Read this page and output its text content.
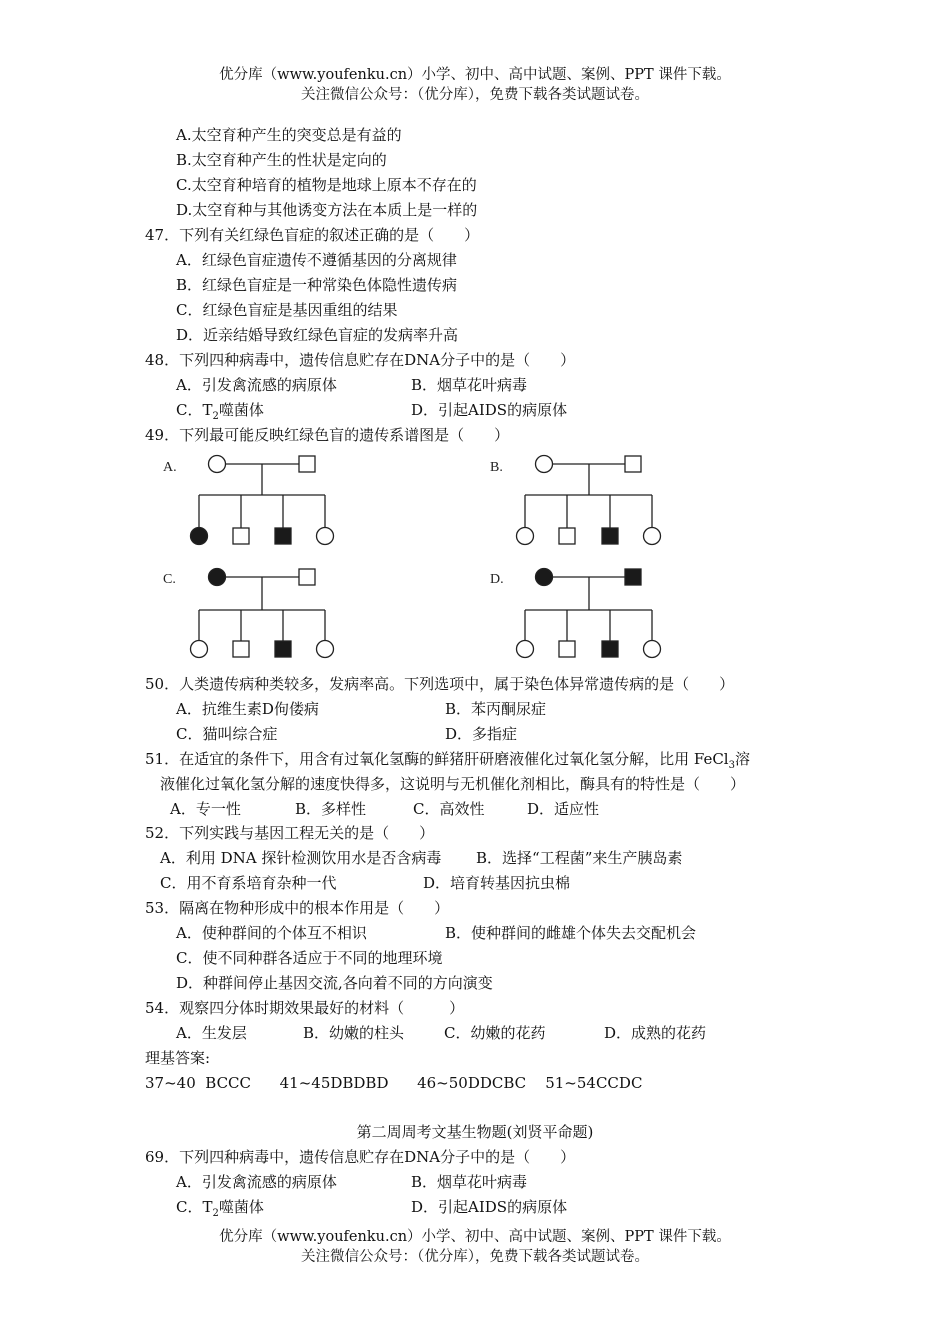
优分库（www.youfenku.cn）小学、初中、高中试题、案例、PPT 课件下载。
关注微信公众号：（优分库），免费下载各类试题试卷。
A.太空育种产生的突变总是有益的
B.太空育种产生的性状是定向的
C.太空育种培育的植物是地球上原本不存在的
D.太空育种与其他诱变方法在本质上是一样的
47．下列有关红绿色盲症的叙述正确的是（　　）
A．红绿色盲症遗传不遵循基因的分离规律
B．红绿色盲症是一种常染色体隐性遗传病
C．红绿色盲症是基因重组的结果
D．近亲结婚导致红绿色盲症的发病率升高
48．下列四种病毒中，遗传信息贮存在DNA分子中的是（　　）
A．引发禽流感的病原体	B．烟草花叶病毒
C．$T_2$噬菌体	D．引起AIDS的病原体
49．下列最可能反映红绿色盲的遗传系谱图是（　　）
A.	B.
C.	D.
50．人类遗传病种类较多，发病率高。下列选项中，属于染色体异常遗传病的是（　　）
A．抗维生素D佝偻病	B．苯丙酮尿症
C．猫叫综合症	D．多指症
51．在适宜的条件下，用含有过氧化氢酶的鲜猪肝研磨液催化过氧化氢分解，比用 FeCl$_3$溶
液催化过氧化氢分解的速度快得多，这说明与无机催化剂相比，酶具有的特性是（　　）
A．专一性	B．多样性	C．高效性	D．适应性
52．下列实践与基因工程无关的是（　　）
A．利用 DNA 探针检测饮用水是否含病毒 B．选择“工程菌”来生产胰岛素
C．用不育系培育杂种一代	D．培育转基因抗虫棉
53．隔离在物种形成中的根本作用是（　　）
A．使种群间的个体互不相识	B．使种群间的雌雄个体失去交配机会
C．使不同种群各适应于不同的地理环境
D．种群间停止基因交流,各向着不同的方向演变
54．观察四分体时期效果最好的材料（　　　）
A．生发层	B．幼嫩的柱头	C．幼嫩的花药	D．成熟的花药
理基答案:
37~40  BCCC      41~45DBDBD      46~50DDCBC    51~54CCDC
第二周周考文基生物题(刘贤平命题)
69．下列四种病毒中，遗传信息贮存在DNA分子中的是（　　）
A．引发禽流感的病原体	B．烟草花叶病毒
C．$T_2$噬菌体	D．引起AIDS的病原体
优分库（www.youfenku.cn）小学、初中、高中试题、案例、PPT 课件下载。
关注微信公众号：（优分库），免费下载各类试题试卷。
